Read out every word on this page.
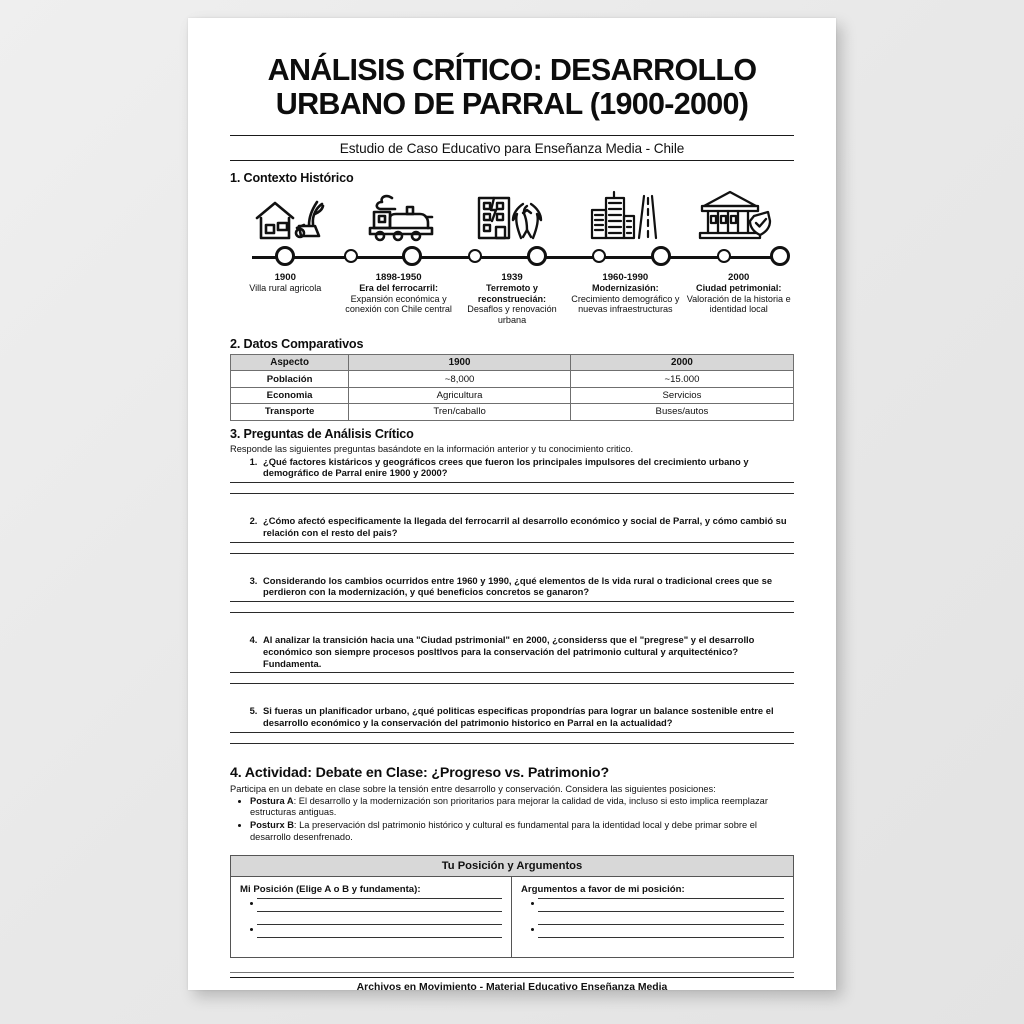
ANÁLISIS CRÍTICO: DESARROLLO
URBANO DE PARRAL (1900-2000)
Estudio de Caso Educativo para Enseñanza Media - Chile
1. Contexto Histórico
1900
Villa rural agricola
1898-1950
Era del ferrocarril:
Expansión económica y conexión con Chile central
1939
Terremoto y reconstruecián:
Desaflos y renovación urbana
1960-1990
Modernizasión:
Crecimiento demográfico y nuevas infraestructuras
2000
Ciudad petrimonial:
Valoración de la historia e identidad local
2. Datos Comparativos
Aspecto	1900	2000
Población	~8,000	~15.000
Economia	Agricultura	Servicios
Transporte	Tren/caballo	Buses/autos
3. Preguntas de Análisis Crítico
Responde las siguientes preguntas basándote en la información anterior y tu conocimiento critico.
1. ¿Qué factores kistáricos y geográficos crees que fueron los principales impulsores del crecimiento urbano y demográfico de Parral enire 1900 y 2000?
2. ¿Cómo afectó especificamente la llegada del ferrocarril al desarrollo económico y social de Parral, y cómo cambió su relación con el resto del pais?
3. Considerando los cambios ocurridos entre 1960 y 1990, ¿qué elementos de ls vida rural o tradicional crees que se perdieron con la modernización, y qué beneficios concretos se ganaron?
4. Al analizar la transición hacia una "Ciudad pstrimonial" en 2000, ¿considerss que el "pregrese" y el desarrollo económico son siempre procesos posltlvos para la conservación del patrimonio cultural y arquitecténico? Fundamenta.
5. Si fueras un planificador urbano, ¿qué politicas especificas propondrías para lograr un balance sostenible entre el desarrollo económico y la conservación del patrimonio historico en Parral en la actualidad?
4. Actividad: Debate en Clase: ¿Progreso vs. Patrimonio?
Participa en un debate en clase sobre la tensión entre desarrollo y conservación. Considera las siguientes posiciones:
• Postura A: El desarrollo y la modernización son prioritarios para mejorar la calidad de vida, incluso si esto implica reemplazar estructuras antiguas.
• Posturx B: La preservación dsl patrimonio histórico y cultural es fundamental para la identidad local y debe primar sobre el desarrollo desenfrenado.
Tu Posición y Argumentos
Mi Posición (Elige A o B y fundamenta):	Argumentos a favor de mi posición:
Archivos en Movimiento - Material Educativo Enseñanza Media
